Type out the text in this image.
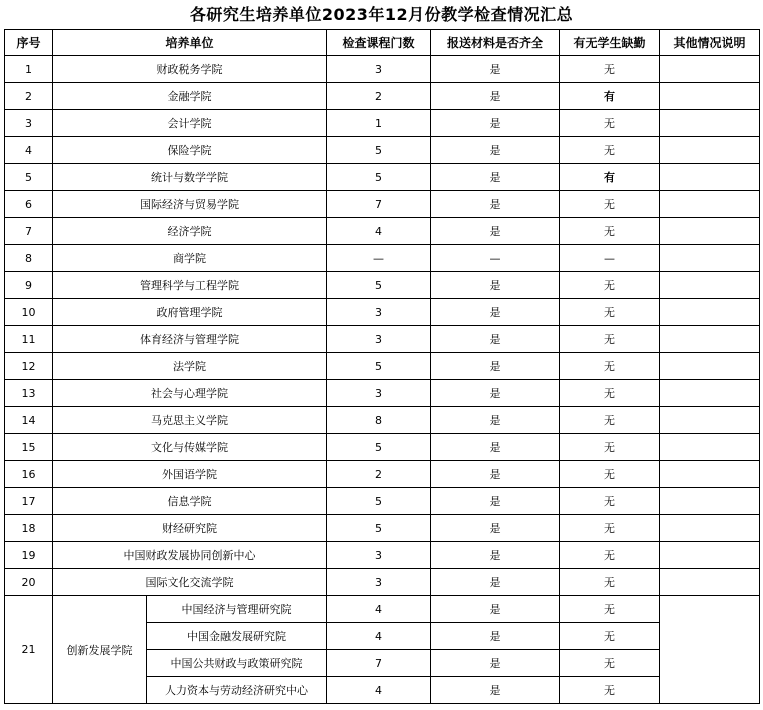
各研究生培养单位2023年12月份教学检查情况汇总
序号	培养单位		检查课程门数	报送材料是否齐全	有无学生缺勤	其他情况说明
1	财政税务学院		3	是	无	
2	金融学院		2	是	有	
3	会计学院		1	是	无	
4	保险学院		5	是	无	
5	统计与数学学院		5	是	有	
6	国际经济与贸易学院		7	是	无	
7	经济学院		4	是	无	
8	商学院		—	—	—	
9	管理科学与工程学院		5	是	无	
10	政府管理学院		3	是	无	
11	体育经济与管理学院		3	是	无	
12	法学院		5	是	无	
13	社会与心理学院		3	是	无	
14	马克思主义学院		8	是	无	
15	文化与传媒学院		5	是	无	
16	外国语学院		2	是	无	
17	信息学院		5	是	无	
18	财经研究院		5	是	无	
19	中国财政发展协同创新中心		3	是	无	
20	国际文化交流学院		3	是	无	
21	创新发展学院	中国经济与管理研究院	4	是	无	
		中国金融发展研究院	4	是	无	
		中国公共财政与政策研究院	7	是	无	
		人力资本与劳动经济研究中心	4	是	无	
